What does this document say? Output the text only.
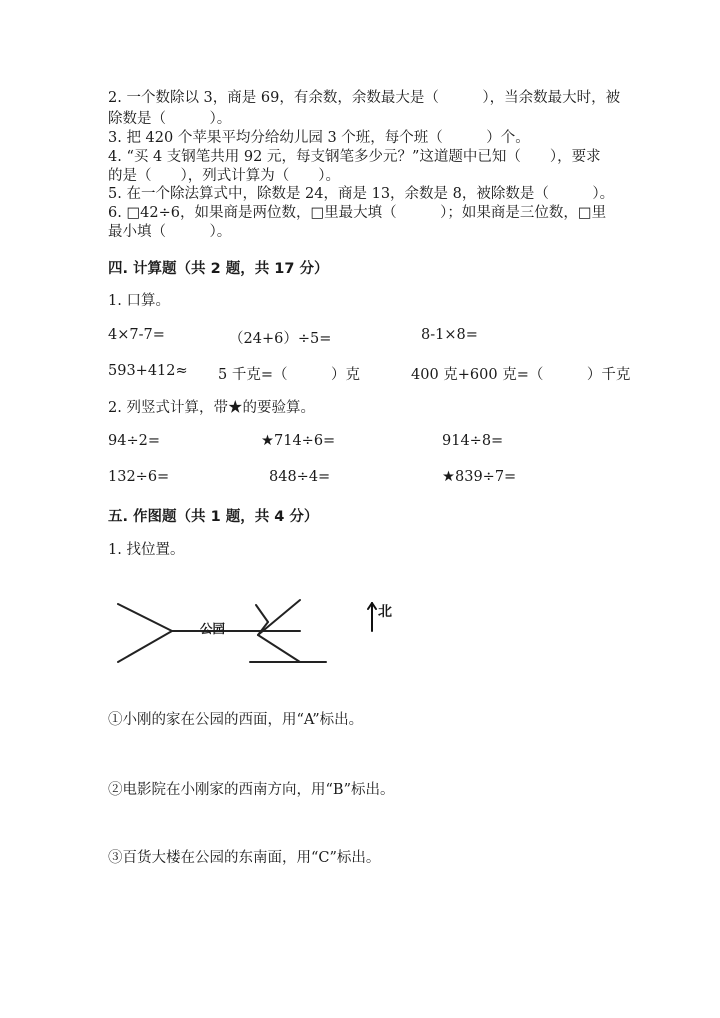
2. 一个数除以 3，商是 69，有余数，余数最大是（　　　），当余数最大时，被
除数是（　　　）。
3. 把 420 个苹果平均分给幼儿园 3 个班，每个班（　　　）个。
4. “买 4 支钢笔共用 92 元，每支钢笔多少元？”这道题中已知（　　），要求
的是（　　），列式计算为（　　）。
5. 在一个除法算式中，除数是 24，商是 13，余数是 8，被除数是（　　　）。
6. □42÷6，如果商是两位数，□里最大填（　　　）；如果商是三位数，□里
最小填（　　　）。
四. 计算题（共 2 题，共 17 分）
1. 口算。
4×7-7=	（24+6）÷5=	8-1×8=
593+412≈ 5 千克=（　　　）克	400 克+600 克=（　　　）千克
2. 列竖式计算，带★的要验算。
94÷2=	★714÷6=	914÷8=
132÷6=	848÷4=	★839÷7=
五. 作图题（共 1 题，共 4 分）
1. 找位置。
公园
北
①小刚的家在公园的西面，用“A”标出。
②电影院在小刚家的西南方向，用“B”标出。
③百货大楼在公园的东南面，用“C”标出。
